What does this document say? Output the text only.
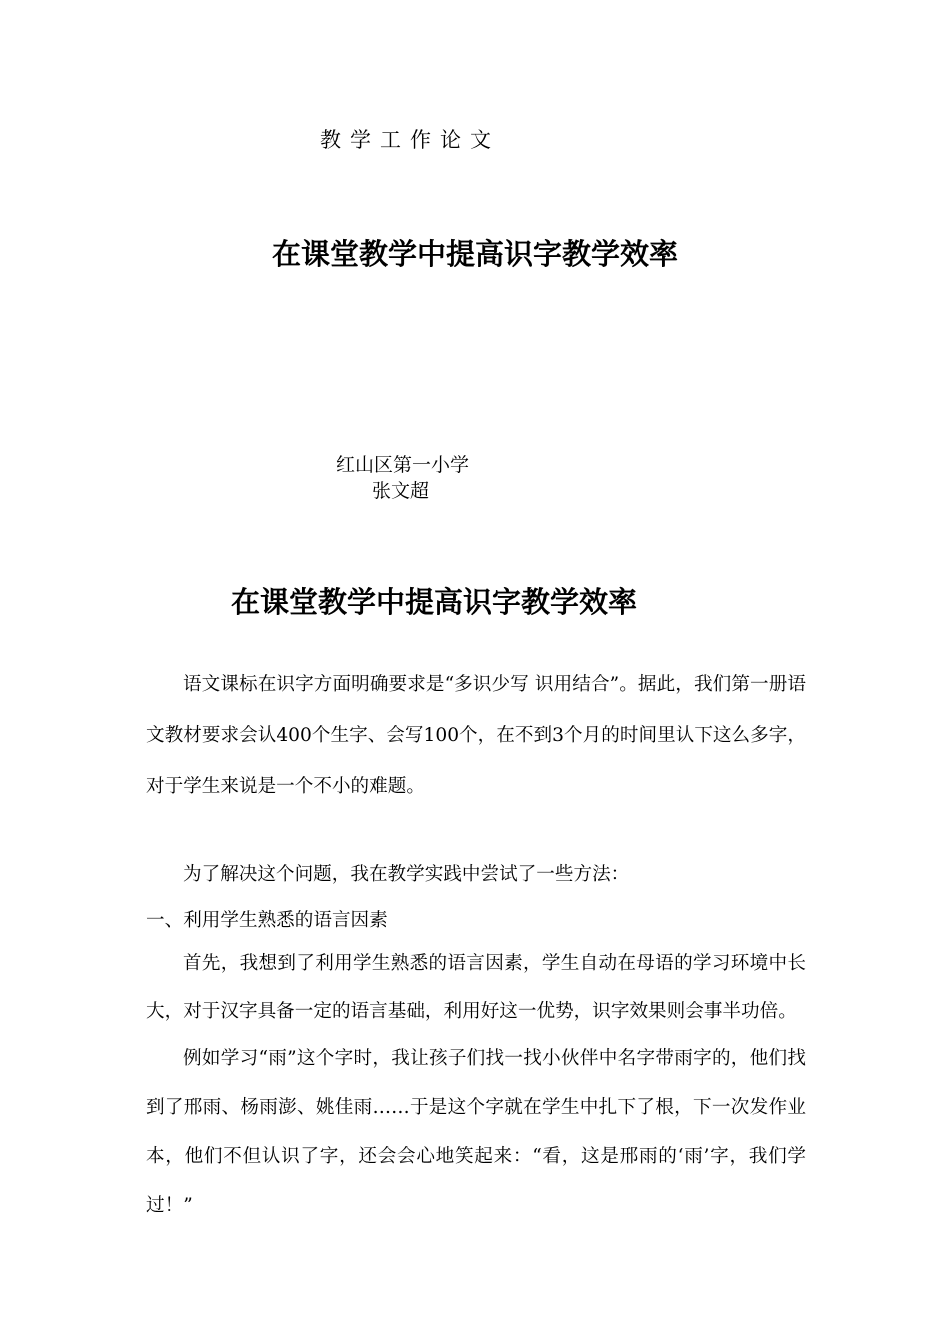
教学工作论文
在课堂教学中提高识字教学效率
红山区第一小学
张文超
在课堂教学中提高识字教学效率

语文课标在识字方面明确要求是“多识少写 识用结合”。据此，我们第一册语文教材要求会认400个生字、会写100个，在不到3个月的时间里认下这么多字，对于学生来说是一个不小的难题。

为了解决这个问题，我在教学实践中尝试了一些方法：

一、利用学生熟悉的语言因素

首先，我想到了利用学生熟悉的语言因素，学生自动在母语的学习环境中长大，对于汉字具备一定的语言基础，利用好这一优势，识字效果则会事半功倍。

例如学习“雨”这个字时，我让孩子们找一找小伙伴中名字带雨字的，他们找到了邢雨、杨雨澎、姚佳雨……于是这个字就在学生中扎下了根，下一次发作业本，他们不但认识了字，还会会心地笑起来：“看，这是邢雨的‘雨’字，我们学过！”
